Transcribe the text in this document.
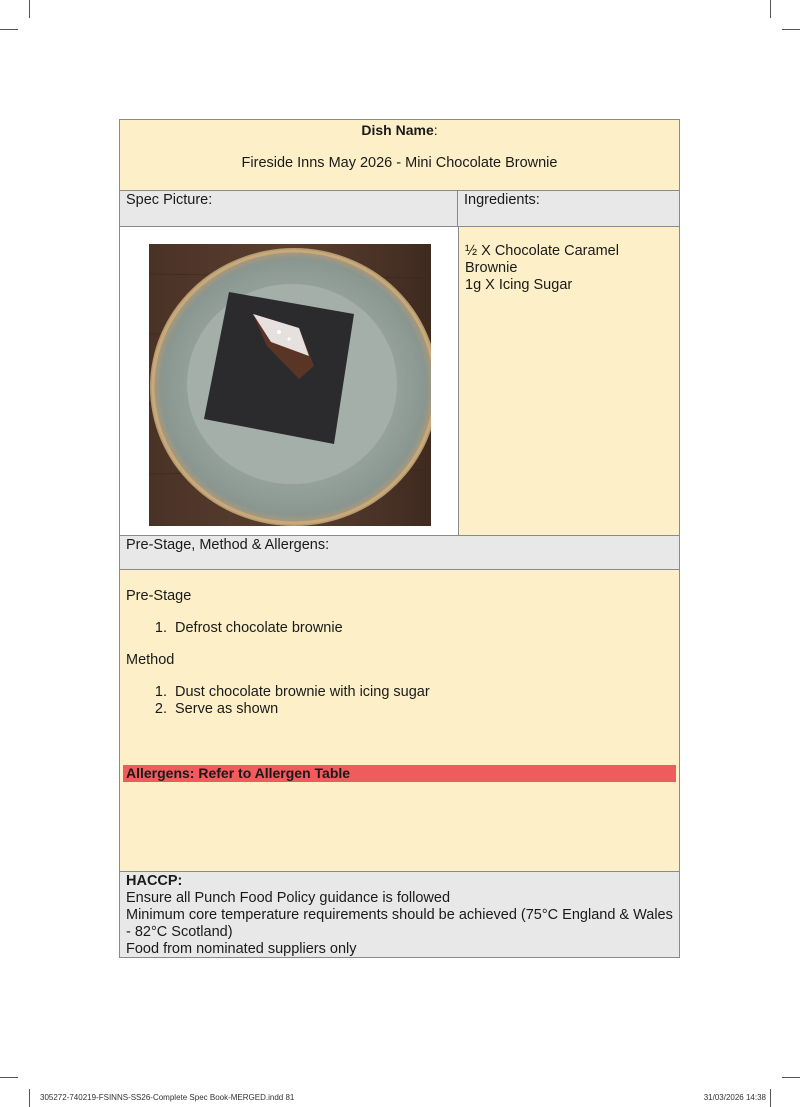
Dish Name:
Fireside Inns May 2026 - Mini Chocolate Brownie
Spec Picture:	Ingredients:
½ X Chocolate Caramel
Brownie
1g X Icing Sugar
Pre-Stage, Method & Allergens:
Pre-Stage
1. Defrost chocolate brownie
Method
1. Dust chocolate brownie with icing sugar
2. Serve as shown
Allergens: Refer to Allergen Table
HACCP:
Ensure all Punch Food Policy guidance is followed
Minimum core temperature requirements should be achieved (75°C England & Wales - 82°C Scotland)
Food from nominated suppliers only
305272-740219-FSINNS-SS26-Complete Spec Book-MERGED.indd 81	31/03/2026 14:38
